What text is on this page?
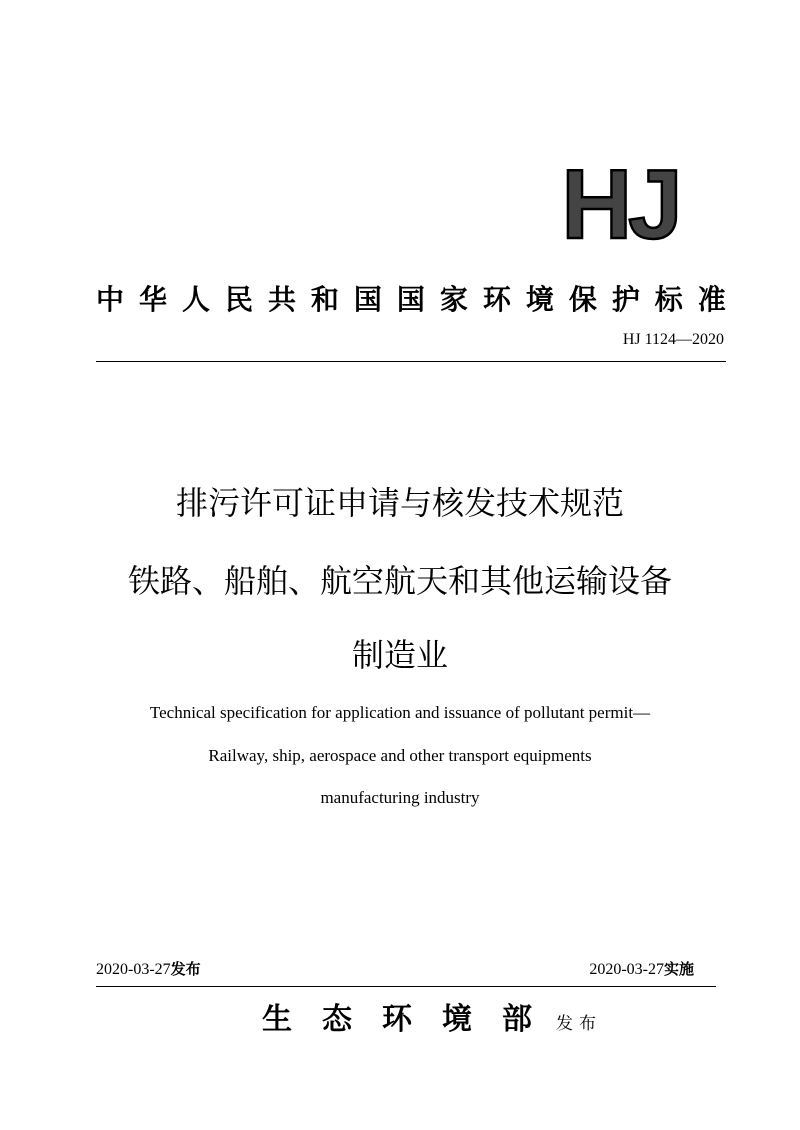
HJ
中 华 人 民 共 和 国 国 家 环 境 保 护 标 准
HJ 1124—2020
排污许可证申请与核发技术规范
铁路、船舶、航空航天和其他运输设备
制造业
Technical specification for application and issuance of pollutant permit—
Railway, ship, aerospace and other transport equipments
manufacturing industry
2020-03-27发布	2020-03-27实施
生 态 环 境 部 发布
